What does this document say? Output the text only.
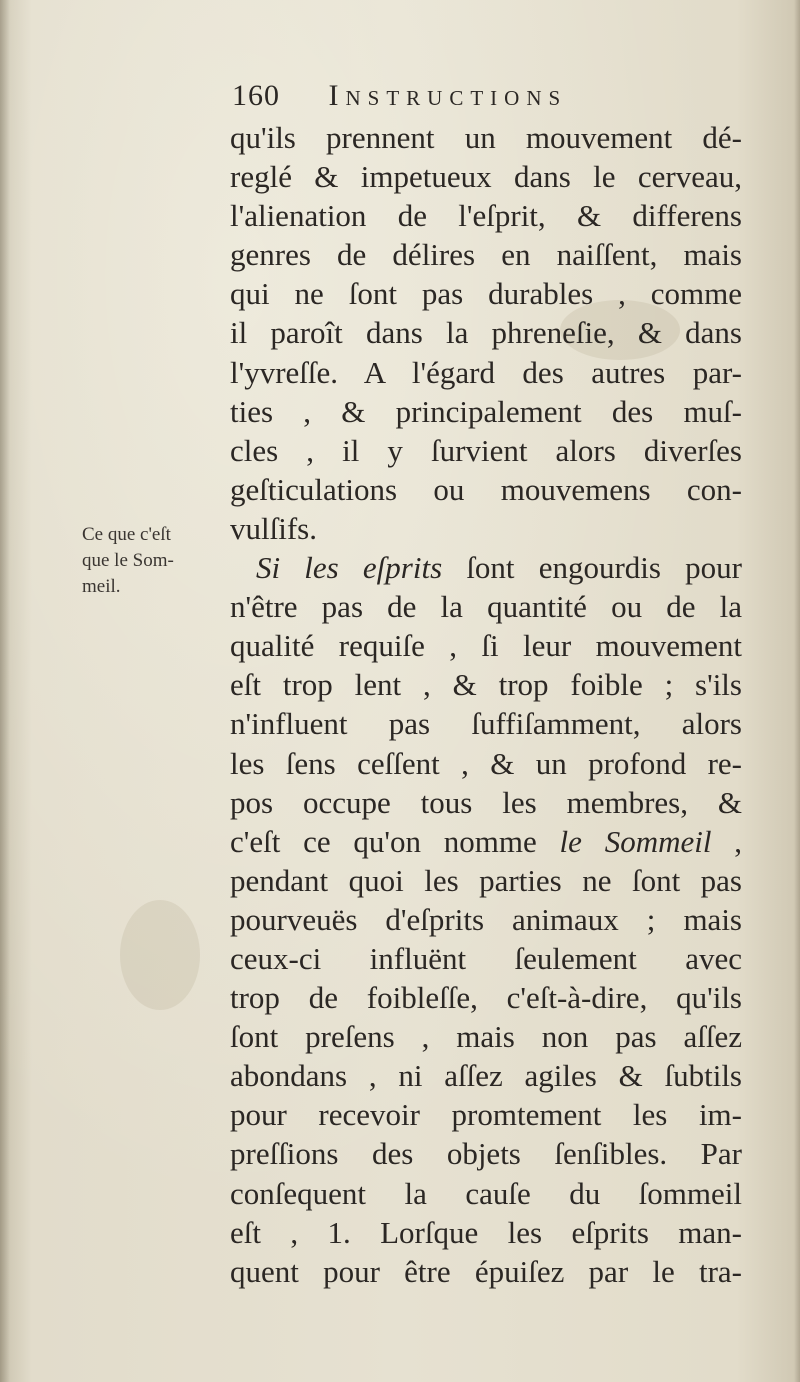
160 Instructions
Ce que c'eſt
que le Som-
meil.
qu'ils prennent un mouvement dé-
reglé & impetueux dans le cerveau,
l'alienation de l'eſprit, & differens
genres de délires en naiſſent, mais
qui ne ſont pas durables , comme
il paroît dans la phreneſie, & dans
l'yvreſſe. A l'égard des autres par-
ties , & principalement des muſ-
cles , il y ſurvient alors diverſes
geſticulations ou mouvemens con-
vulſifs.
Si les eſprits ſont engourdis pour
n'être pas de la quantité ou de la
qualité requiſe , ſi leur mouvement
eſt trop lent , & trop foible ; s'ils
n'influent pas ſuffiſamment, alors
les ſens ceſſent , & un profond re-
pos occupe tous les membres, &
c'eſt ce qu'on nomme le Sommeil ,
pendant quoi les parties ne ſont pas
pourveuës d'eſprits animaux ; mais
ceux-ci influënt ſeulement avec
trop de foibleſſe, c'eſt-à-dire, qu'ils
ſont preſens , mais non pas aſſez
abondans , ni aſſez agiles & ſubtils
pour recevoir promtement les im-
preſſions des objets ſenſibles. Par
conſequent la cauſe du ſommeil
eſt , 1. Lorſque les eſprits man-
quent pour être épuiſez par le tra-
